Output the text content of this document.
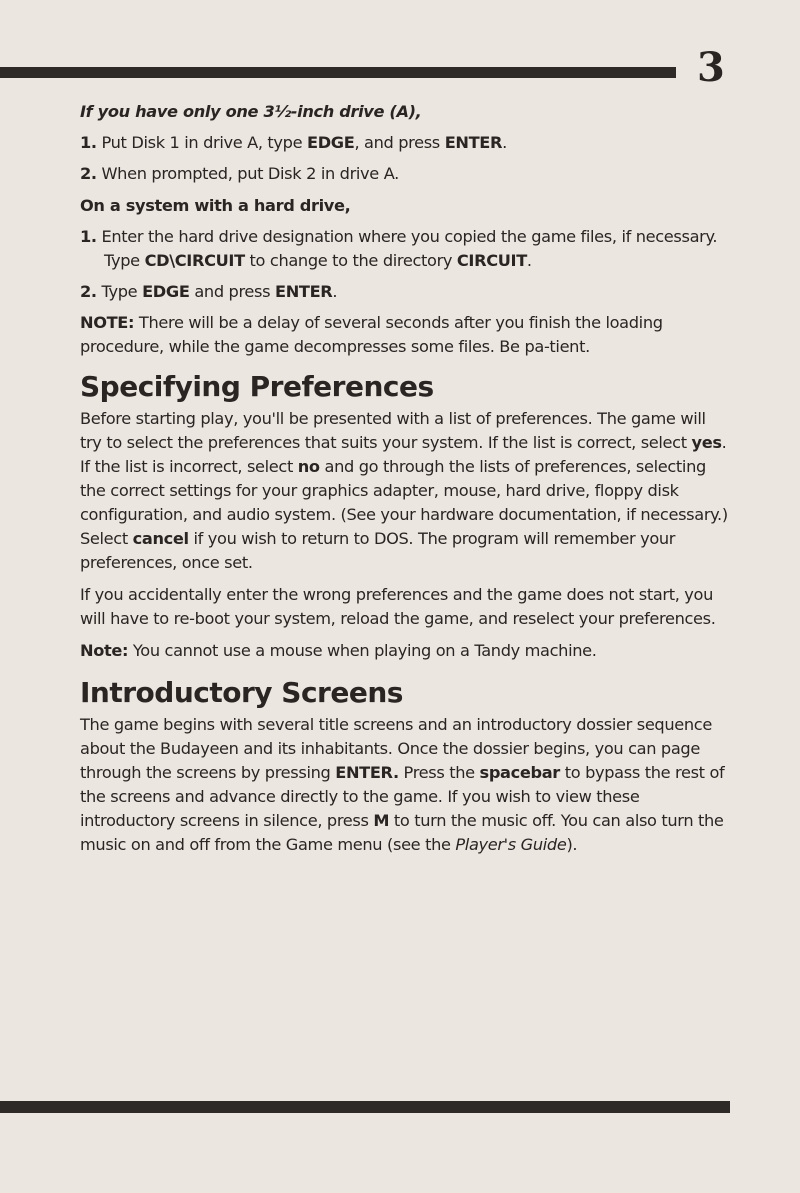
3

If you have only one 3½-inch drive (A),

1. Put Disk 1 in drive A, type EDGE, and press ENTER.

2. When prompted, put Disk 2 in drive A.

On a system with a hard drive,

1. Enter the hard drive designation where you copied the game files, if necessary. Type CD\CIRCUIT to change to the directory CIRCUIT.

2. Type EDGE and press ENTER.

NOTE: There will be a delay of several seconds after you finish the loading procedure, while the game decompresses some files. Be pa-tient.

Specifying Preferences

Before starting play, you'll be presented with a list of preferences. The game will try to select the preferences that suits your system. If the list is correct, select yes. If the list is incorrect, select no and go through the lists of preferences, selecting the correct settings for your graphics adapter, mouse, hard drive, floppy disk configuration, and audio system. (See your hardware documentation, if necessary.) Select cancel if you wish to return to DOS. The program will remember your preferences, once set.

If you accidentally enter the wrong preferences and the game does not start, you will have to re-boot your system, reload the game, and reselect your preferences.

Note: You cannot use a mouse when playing on a Tandy machine.

Introductory Screens

The game begins with several title screens and an introductory dossier sequence about the Budayeen and its inhabitants. Once the dossier begins, you can page through the screens by pressing ENTER. Press the spacebar to bypass the rest of the screens and advance directly to the game. If you wish to view these introductory screens in silence, press M to turn the music off. You can also turn the music on and off from the Game menu (see the Player's Guide).
